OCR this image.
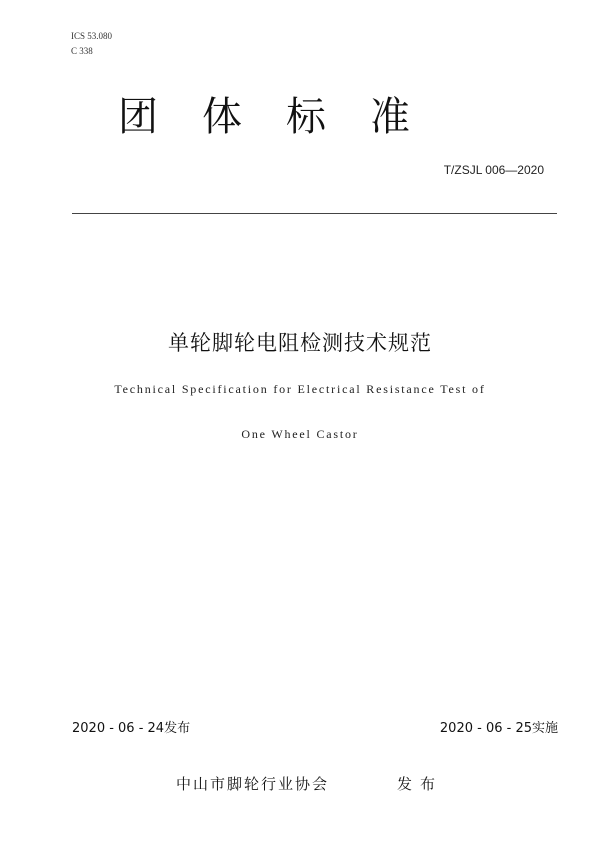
ICS 53.080
C 338
团体标准
T/ZSJL 006—2020
单轮脚轮电阻检测技术规范
Technical Specification for Electrical Resistance Test of
One Wheel Castor
2020 - 06 - 24发布	2020 - 06 - 25实施
中山市脚轮行业协会	发布
